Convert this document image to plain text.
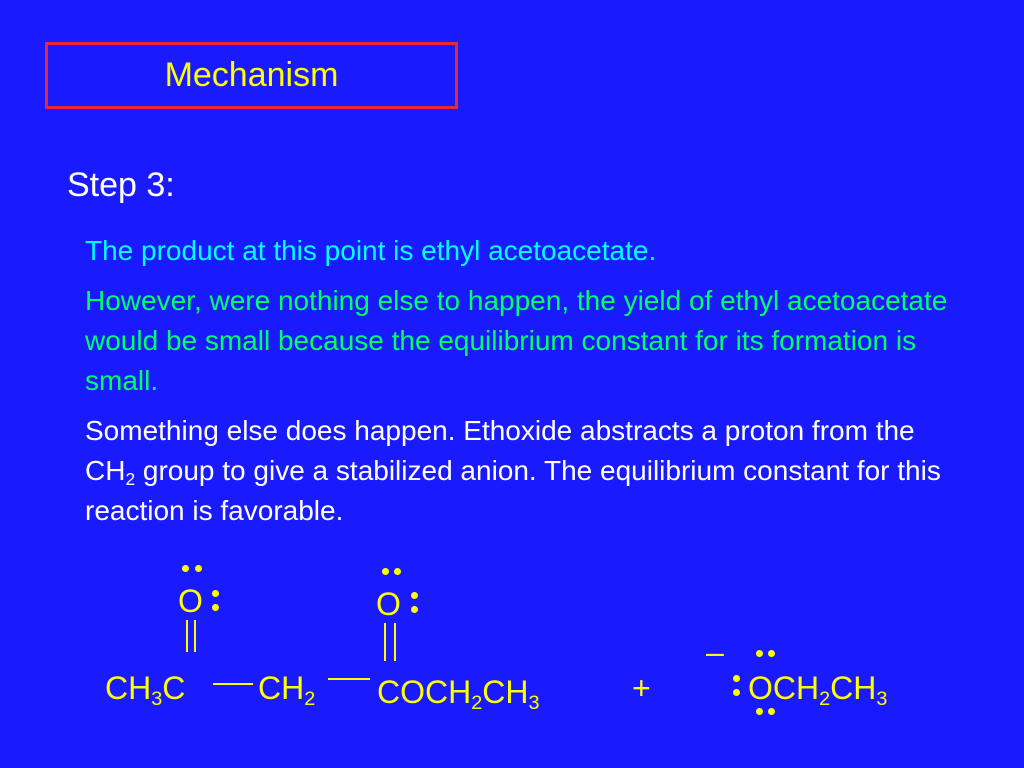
Mechanism
Step 3:
The product at this point is ethyl acetoacetate.
However, were nothing else to happen, the yield of ethyl acetoacetate would be small because the equilibrium constant for its formation is small.
Something else does happen. Ethoxide abstracts a proton from the $CH_2$ group to give a stabilized anion. The equilibrium constant for this reaction is favorable.
O	O
$CH_3C$ $CH_2$ $COCH_2CH_3$	+
–
$OCH_2CH_3$
